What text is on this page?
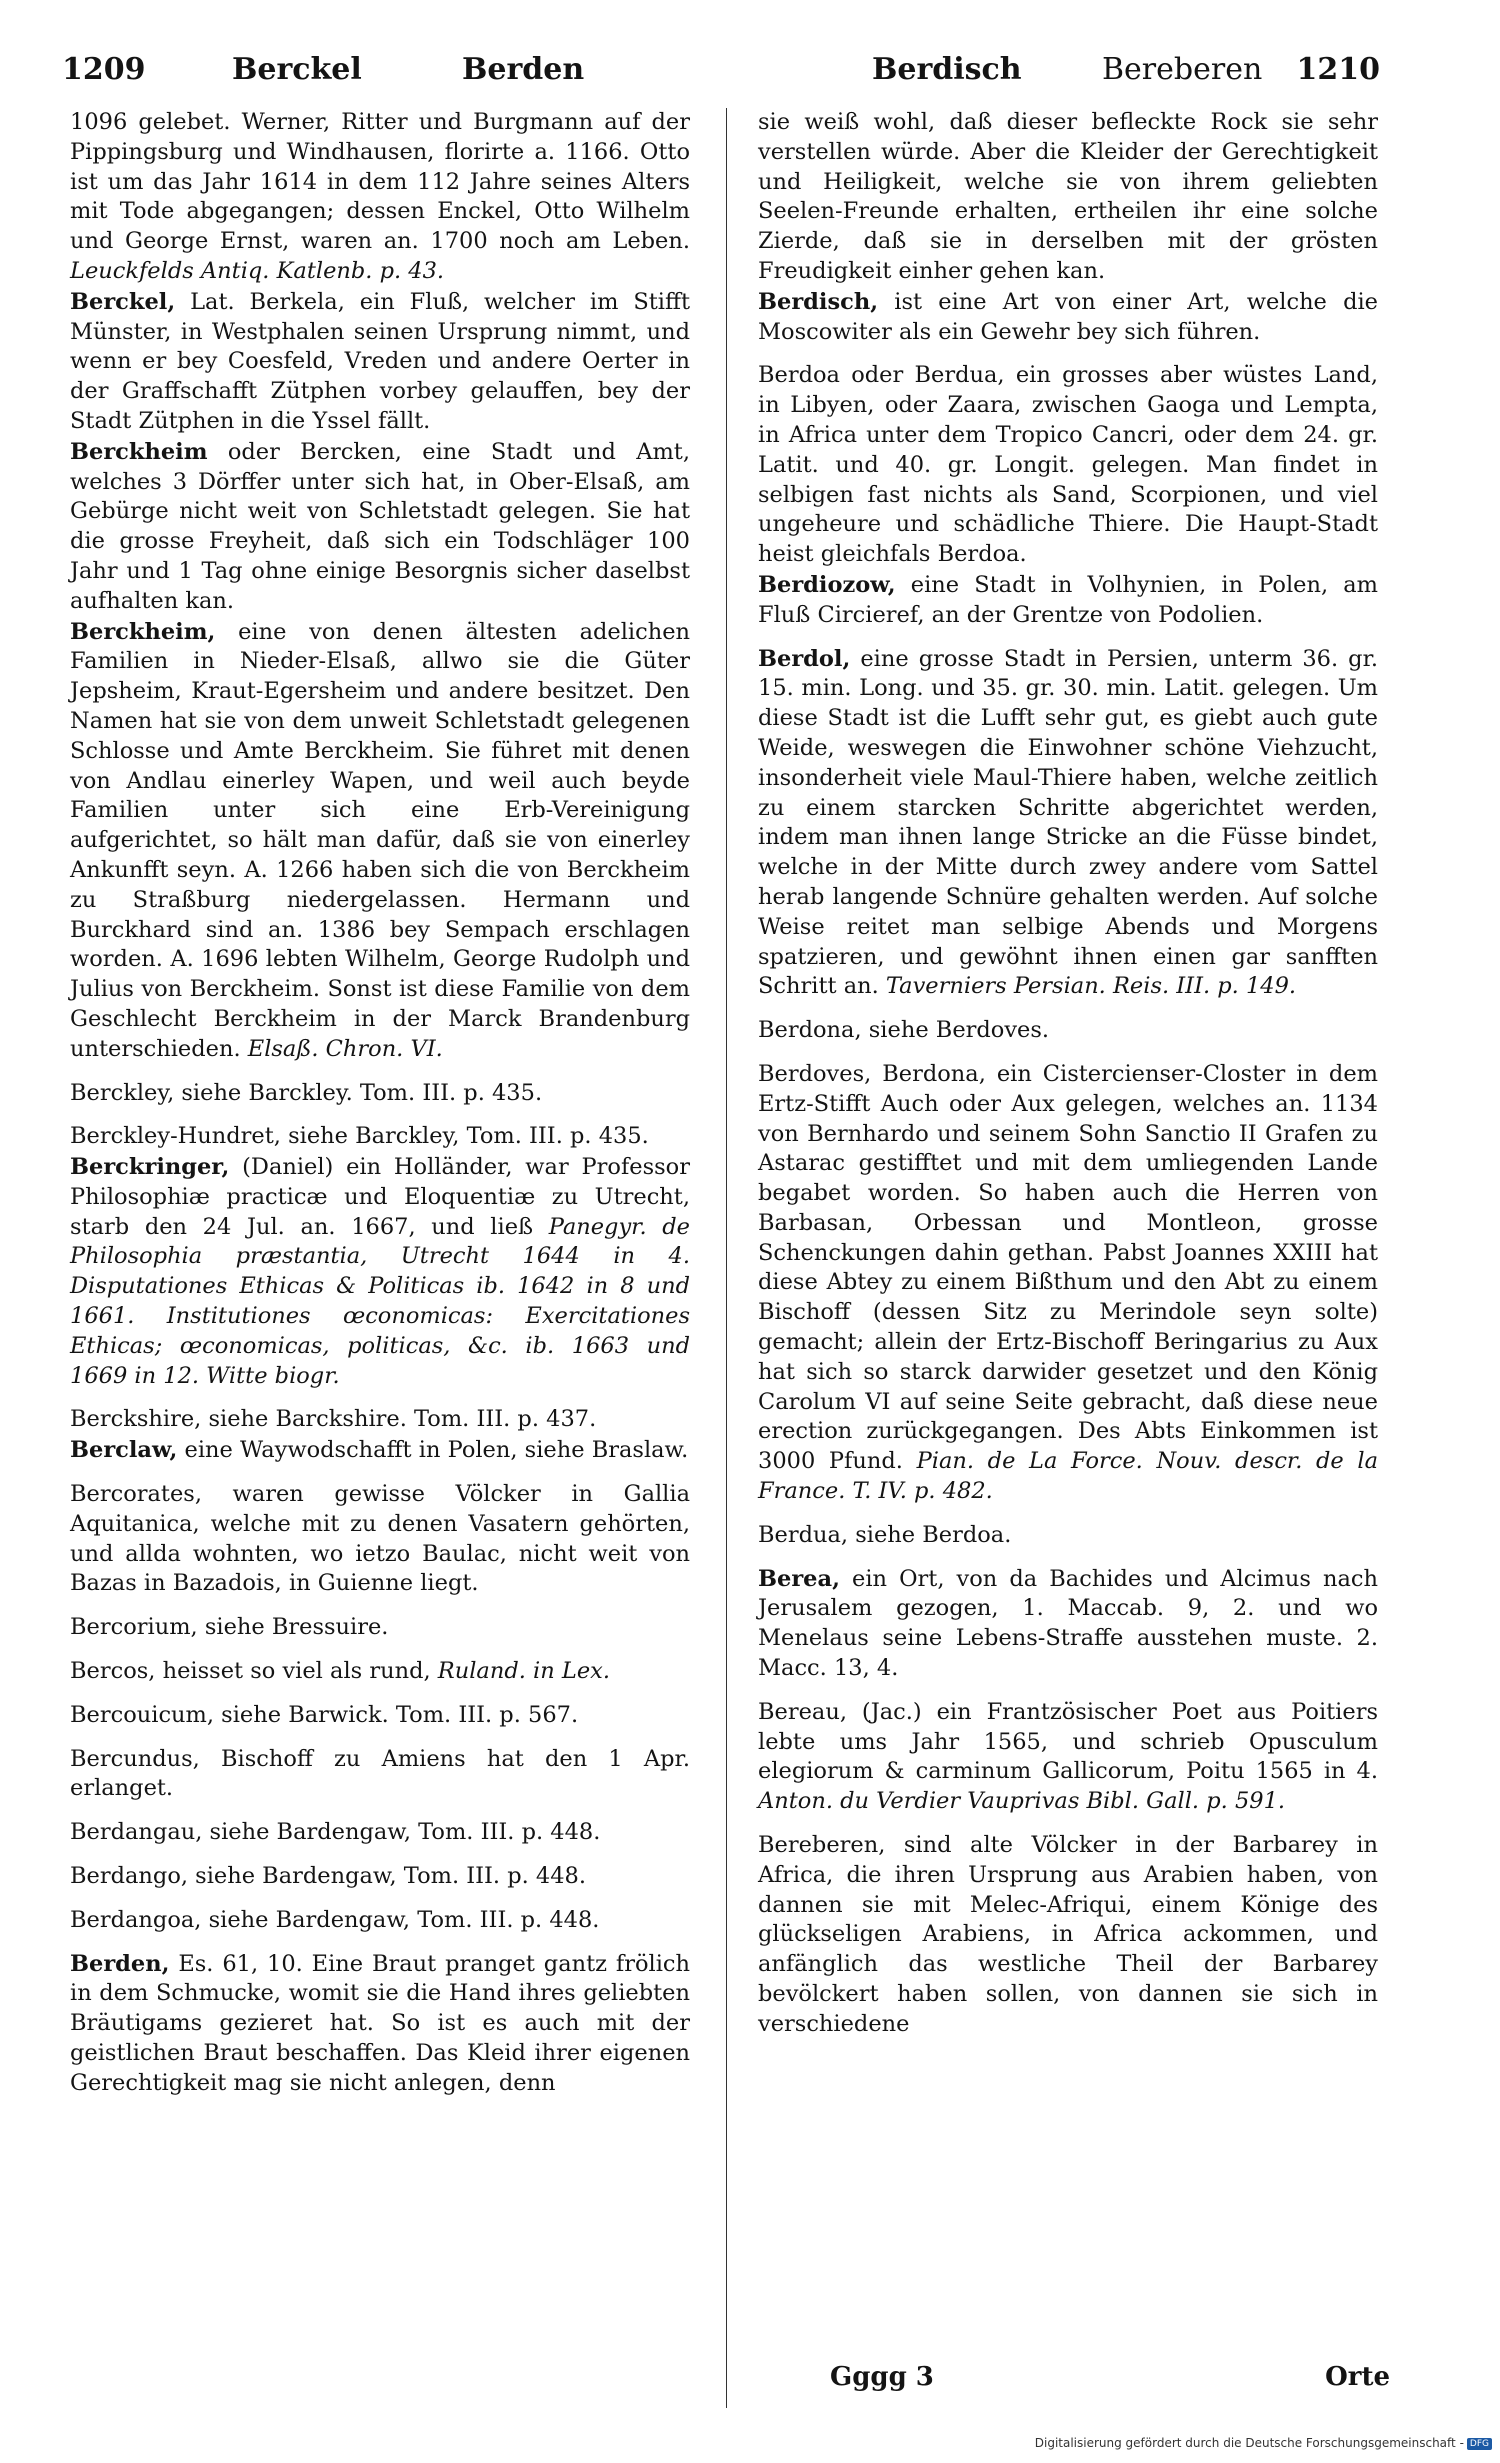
1209	Berckel	Berden	Berdisch	Bereberen 1210

1096 gelebet. Werner, Ritter und Burgmann auf der Pippingsburg und Windhausen, florirte a. 1166. Otto ist um das Jahr 1614 in dem 112 Jahre seines Alters mit Tode abgegangen; dessen Enckel, Otto Wilhelm und George Ernst, waren an. 1700 noch am Leben. Leuckfelds Antiq. Katlenb. p. 43.

Berckel, Lat. Berkela, ein Fluß, welcher im Stifft Münster, in Westphalen seinen Ursprung nimmt, und wenn er bey Coesfeld, Vreden und andere Oerter in der Graffschafft Zütphen vorbey gelauffen, bey der Stadt Zütphen in die Yssel fällt.

Berckheim oder Bercken, eine Stadt und Amt, welches 3 Dörffer unter sich hat, in Ober-Elsaß, am Gebürge nicht weit von Schletstadt gelegen. Sie hat die grosse Freyheit, daß sich ein Todschläger 100 Jahr und 1 Tag ohne einige Besorgnis sicher daselbst aufhalten kan.

Berckheim, eine von denen ältesten adelichen Familien in Nieder-Elsaß, allwo sie die Güter Jepsheim, Kraut-Egersheim und andere besitzet. Den Namen hat sie von dem unweit Schletstadt gelegenen Schlosse und Amte Berckheim. Sie führet mit denen von Andlau einerley Wapen, und weil auch beyde Familien unter sich eine Erb-Vereinigung aufgerichtet, so hält man dafür, daß sie von einerley Ankunfft seyn. A. 1266 haben sich die von Berckheim zu Straßburg niedergelassen. Hermann und Burckhard sind an. 1386 bey Sempach erschlagen worden. A. 1696 lebten Wilhelm, George Rudolph und Julius von Berckheim. Sonst ist diese Familie von dem Geschlecht Berckheim in der Marck Brandenburg unterschieden. Elsaß. Chron. VI.

Berckley, siehe Barckley. Tom. III. p. 435.

Berckley-Hundret, siehe Barckley, Tom. III. p. 435.

Berckringer, (Daniel) ein Holländer, war Professor Philosophiæ practicæ und Eloquentiæ zu Utrecht, starb den 24 Jul. an. 1667, und ließ Panegyr. de Philosophia præstantia, Utrecht 1644 in 4. Disputationes Ethicas & Politicas ib. 1642 in 8 und 1661. Institutiones œconomicas: Exercitationes Ethicas; œconomicas, politicas, &c. ib. 1663 und 1669 in 12. Witte biogr.

Berckshire, siehe Barckshire. Tom. III. p. 437.

Berclaw, eine Waywodschafft in Polen, siehe Braslaw.

Bercorates, waren gewisse Völcker in Gallia Aquitanica, welche mit zu denen Vasatern gehörten, und allda wohnten, wo ietzo Baulac, nicht weit von Bazas in Bazadois, in Guienne liegt.

Bercorium, siehe Bressuire.

Bercos, heisset so viel als rund, Ruland. in Lex.

Bercouicum, siehe Barwick. Tom. III. p. 567.

Bercundus, Bischoff zu Amiens hat den 1 Apr. erlanget.

Berdangau, siehe Bardengaw, Tom. III. p. 448.

Berdango, siehe Bardengaw, Tom. III. p. 448.

Berdangoa, siehe Bardengaw, Tom. III. p. 448.

Berden, Es. 61, 10. Eine Braut pranget gantz frölich in dem Schmucke, womit sie die Hand ihres geliebten Bräutigams gezieret hat. So ist es auch mit der geistlichen Braut beschaffen. Das Kleid ihrer eigenen Gerechtigkeit mag sie nicht anlegen, denn

sie weiß wohl, daß dieser befleckte Rock sie sehr verstellen würde. Aber die Kleider der Gerechtigkeit und Heiligkeit, welche sie von ihrem geliebten Seelen-Freunde erhalten, ertheilen ihr eine solche Zierde, daß sie in derselben mit der grösten Freudigkeit einher gehen kan.

Berdisch, ist eine Art von einer Art, welche die Moscowiter als ein Gewehr bey sich führen.

Berdoa oder Berdua, ein grosses aber wüstes Land, in Libyen, oder Zaara, zwischen Gaoga und Lempta, in Africa unter dem Tropico Cancri, oder dem 24. gr. Latit. und 40. gr. Longit. gelegen. Man findet in selbigen fast nichts als Sand, Scorpionen, und viel ungeheure und schädliche Thiere. Die Haupt-Stadt heist gleichfals Berdoa.

Berdiozow, eine Stadt in Volhynien, in Polen, am Fluß Circieref, an der Grentze von Podolien.

Berdol, eine grosse Stadt in Persien, unterm 36. gr. 15. min. Long. und 35. gr. 30. min. Latit. gelegen. Um diese Stadt ist die Lufft sehr gut, es giebt auch gute Weide, weswegen die Einwohner schöne Viehzucht, insonderheit viele Maul-Thiere haben, welche zeitlich zu einem starcken Schritte abgerichtet werden, indem man ihnen lange Stricke an die Füsse bindet, welche in der Mitte durch zwey andere vom Sattel herab langende Schnüre gehalten werden. Auf solche Weise reitet man selbige Abends und Morgens spatzieren, und gewöhnt ihnen einen gar sanfften Schritt an. Taverniers Persian. Reis. III. p. 149.

Berdona, siehe Berdoves.

Berdoves, Berdona, ein Cistercienser-Closter in dem Ertz-Stifft Auch oder Aux gelegen, welches an. 1134 von Bernhardo und seinem Sohn Sanctio II Grafen zu Astarac gestifftet und mit dem umliegenden Lande begabet worden. So haben auch die Herren von Barbasan, Orbessan und Montleon, grosse Schenckungen dahin gethan. Pabst Joannes XXIII hat diese Abtey zu einem Bißthum und den Abt zu einem Bischoff (dessen Sitz zu Merindole seyn solte) gemacht; allein der Ertz-Bischoff Beringarius zu Aux hat sich so starck darwider gesetzet und den König Carolum VI auf seine Seite gebracht, daß diese neue erection zurückgegangen. Des Abts Einkommen ist 3000 Pfund. Pian. de La Force. Nouv. descr. de la France. T. IV. p. 482.

Berdua, siehe Berdoa.

Berea, ein Ort, von da Bachides und Alcimus nach Jerusalem gezogen, 1. Maccab. 9, 2. und wo Menelaus seine Lebens-Straffe ausstehen muste. 2. Macc. 13, 4.

Bereau, (Jac.) ein Frantzösischer Poet aus Poitiers lebte ums Jahr 1565, und schrieb Opusculum elegiorum & carminum Gallicorum, Poitu 1565 in 4. Anton. du Verdier Vauprivas Bibl. Gall. p. 591.

Bereberen, sind alte Völcker in der Barbarey in Africa, die ihren Ursprung aus Arabien haben, von dannen sie mit Melec-Afriqui, einem Könige des glückseligen Arabiens, in Africa ackommen, und anfänglich das westliche Theil der Barbarey bevölckert haben sollen, von dannen sie sich in verschiedene

Gggg 3	Orte
Digitalisierung gefördert durch die Deutsche Forschungsgemeinschaft - DFG
